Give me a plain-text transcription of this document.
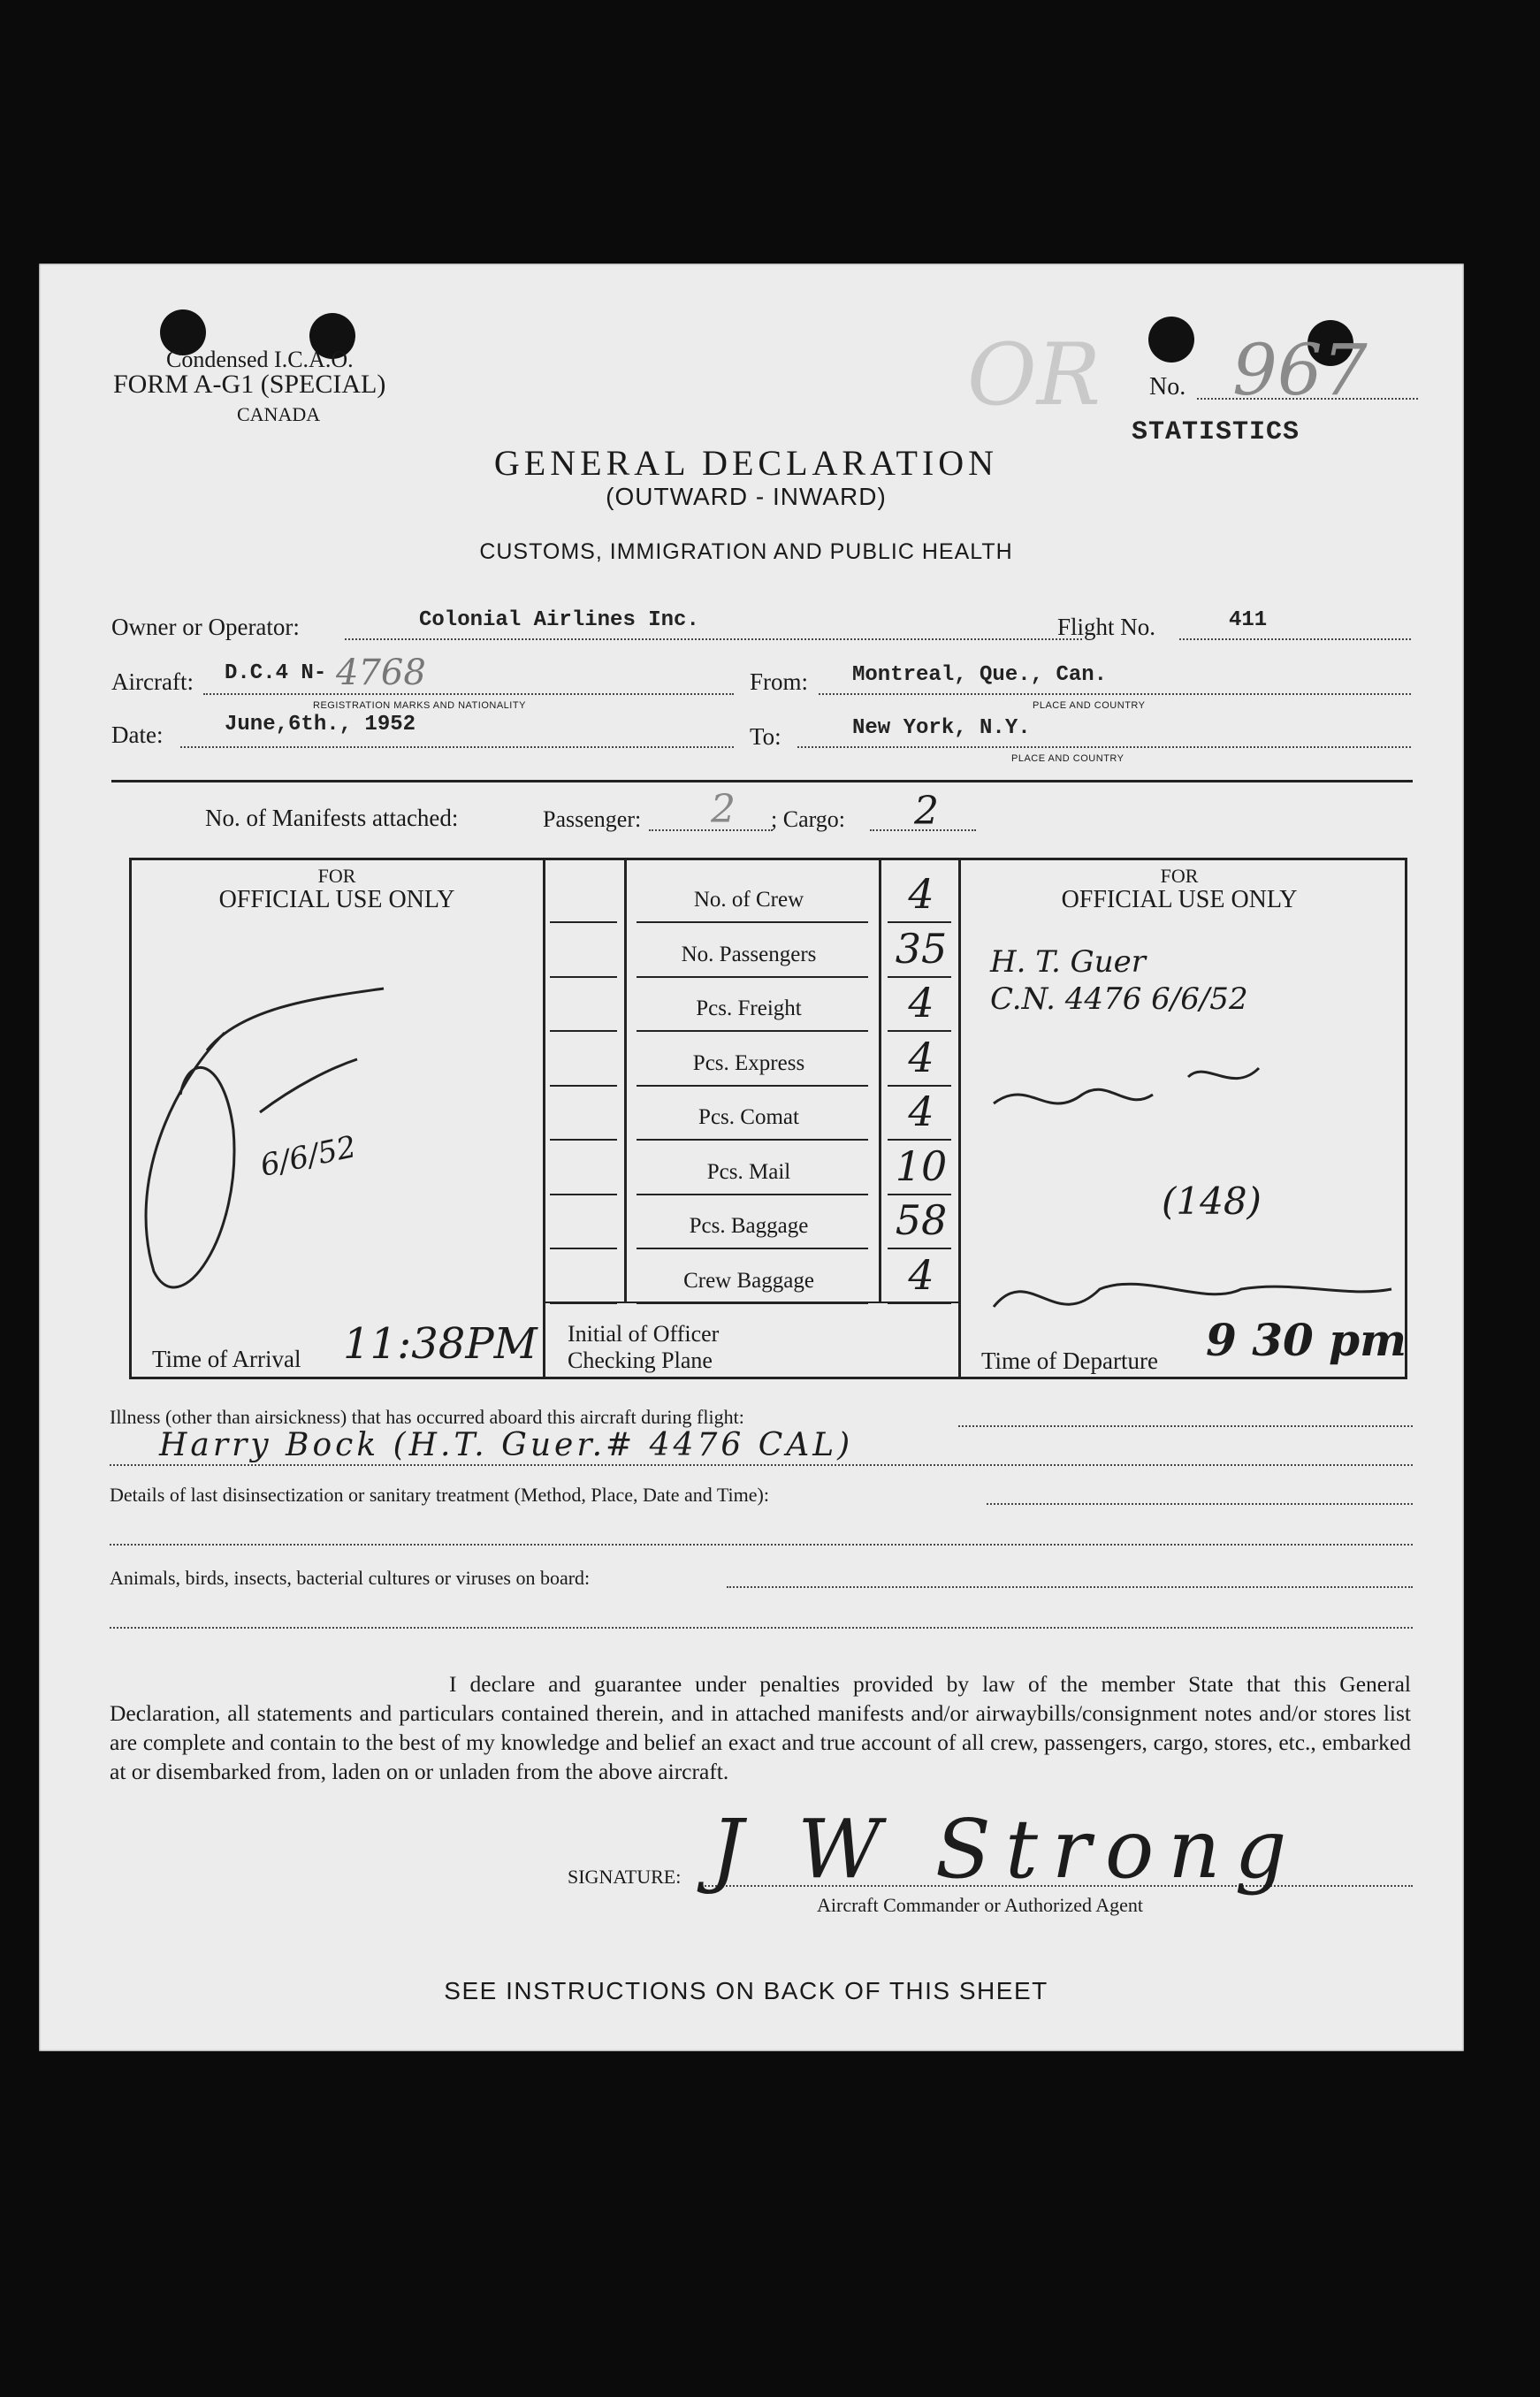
Condensed I.C.A.O.
FORM A-G1 (SPECIAL)
CANADA	OR No. 967
STATISTICS
GENERAL DECLARATION
(OUTWARD - INWARD)
CUSTOMS, IMMIGRATION AND PUBLIC HEALTH
Owner or Operator:	Colonial Airlines Inc.	Flight No.	411
Aircraft: D.C.4 N- 4768
REGISTRATION MARKS AND NATIONALITY
From: Montreal, Que., Can.
PLACE AND COUNTRY
Date:	June,6th., 1952	To:	New York, N.Y.
PLACE AND COUNTRY
No. of Manifests attached:	Passenger: 2 ; Cargo: 2
FOR
OFFICIAL USE ONLY
FOR
OFFICIAL USE ONLY
6/6/52
H. T. Guer
C.N. 4476 6/6/52
(148)
Time of Arrival 11:38PM Initial of Officer
Checking Plane	Time of Departure 9 30 pm
Illness (other than airsickness) that has occurred aboard this aircraft during flight:
Harry Bock (H.T. Guer.# 4476 CAL)
Details of last disinsectization or sanitary treatment (Method, Place, Date and Time):
Animals, birds, insects, bacterial cultures or viruses on board:
I declare and guarantee under penalties provided by law of the member State that this General Declaration, all statements and particulars contained therein, and in attached manifests and/or airwaybills/consignment notes and/or stores list are complete and contain to the best of my knowledge and belief an exact and true account of all crew, passengers, cargo, stores, etc., embarked at or disembarked from, laden on or unladen from the above aircraft.
SIGNATURE:
Aircraft Commander or Authorized Agent
J W Strong
SEE INSTRUCTIONS ON BACK OF THIS SHEET
No. of Crew	4
No. Passengers	35
Pcs. Freight	4
Pcs. Express	4
Pcs. Comat	4
Pcs. Mail	10
Pcs. Baggage	58
Crew Baggage	4
